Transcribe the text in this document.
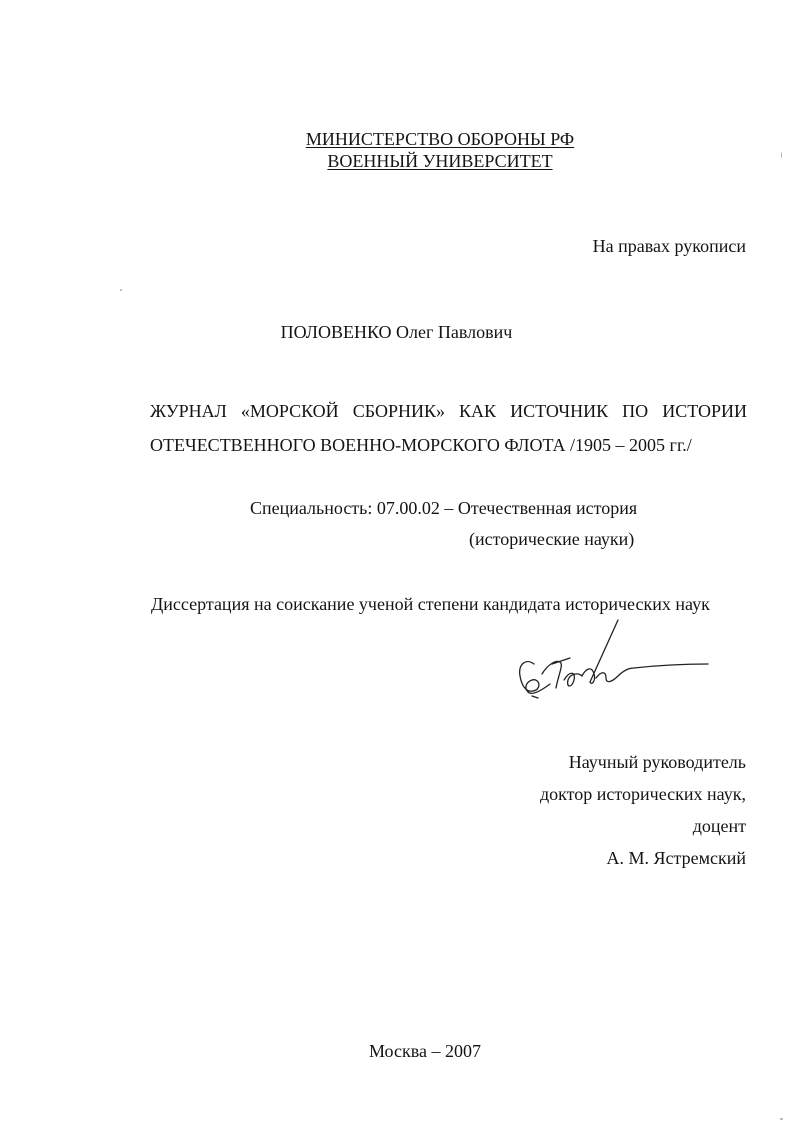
МИНИСТЕРСТВО ОБОРОНЫ РФ

ВОЕННЫЙ УНИВЕРСИТЕТ

На правах рукописи

ПОЛОВЕНКО Олег Павлович

ЖУРНАЛ «МОРСКОЙ СБОРНИК» КАК ИСТОЧНИК ПО ИСТОРИИ

ОТЕЧЕСТВЕННОГО ВОЕННО-МОРСКОГО ФЛОТА /1905 – 2005 гг./

Специальность: 07.00.02 – Отечественная история

(исторические науки)

Диссертация на соискание ученой степени кандидата исторических наук

Научный руководитель

доктор исторических наук,

доцент

А. М. Ястремский

Москва – 2007
